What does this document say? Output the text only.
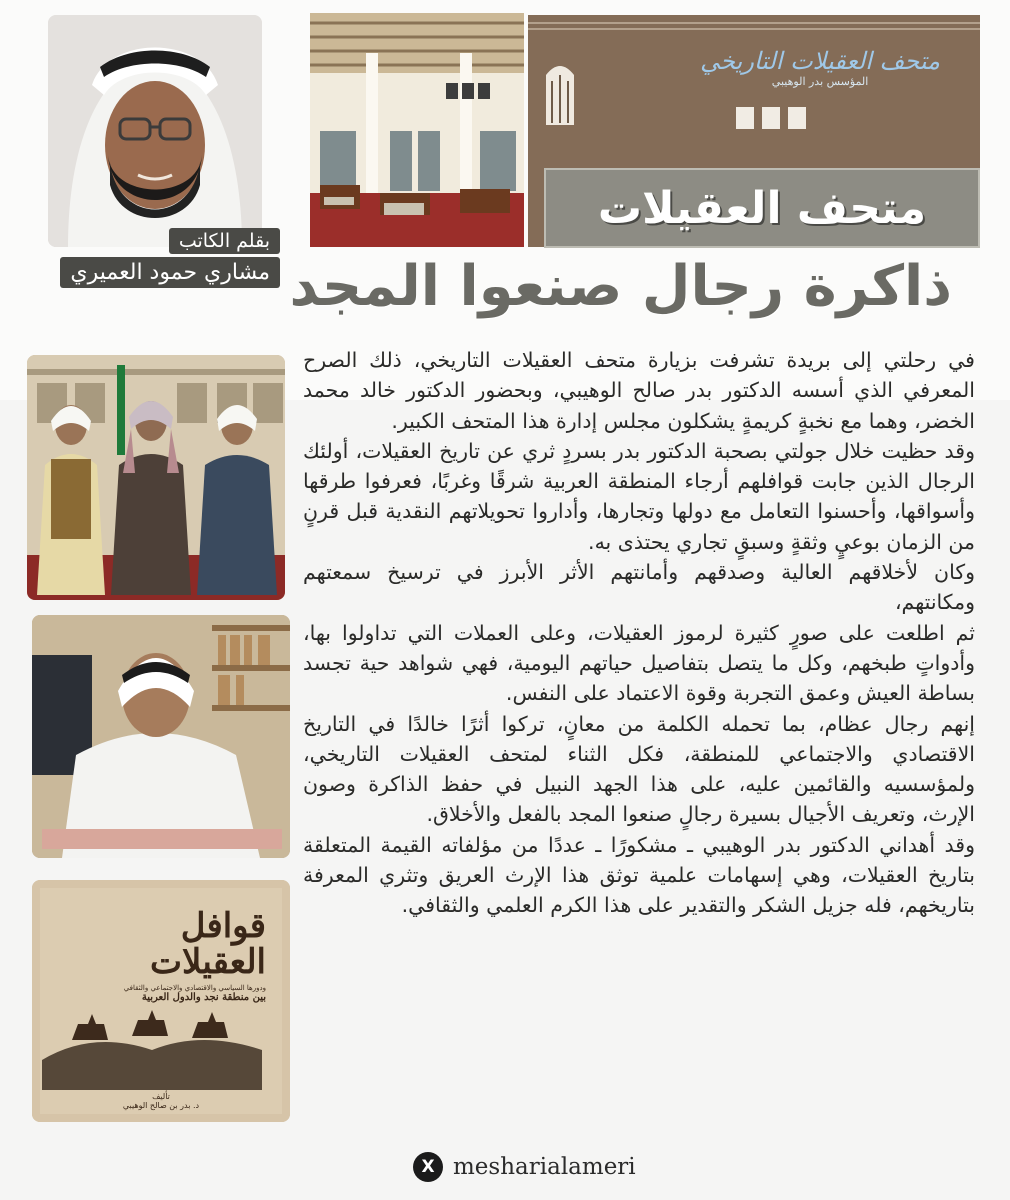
بقلم الكاتب
مشاري حمود العميري
متحف العقيلات التاريخي
المؤسس بدر الوهيبي
متحف العقيلات
ذاكرة رجال صنعوا المجد
قوافل
العقيلات
ودورها السياسي والاقتصادي والاجتماعي والثقافي
بين منطقة نجد والدول العربية
تأليف
د. بدر بن صالح الوهيبي

في رحلتي إلى بريدة تشرفت بزيارة متحف العقيلات التاريخي، ذلك الصرح المعرفي الذي أسسه الدكتور بدر صالح الوهيبي، وبحضور الدكتور خالد محمد الخضر، وهما مع نخبةٍ كريمةٍ يشكلون مجلس إدارة هذا المتحف الكبير.

وقد حظيت خلال جولتي بصحبة الدكتور بدر بسردٍ ثري عن تاريخ العقيلات، أولئك الرجال الذين جابت قوافلهم أرجاء المنطقة العربية شرقًا وغربًا، فعرفوا طرقها وأسواقها، وأحسنوا التعامل مع دولها وتجارها، وأداروا تحويلاتهم النقدية قبل قرنٍ من الزمان بوعيٍ وثقةٍ وسبقٍ تجاري يحتذى به.

وكان لأخلاقهم العالية وصدقهم وأمانتهم الأثر الأبرز في ترسيخ سمعتهم ومكانتهم،

ثم اطلعت على صورٍ كثيرة لرموز العقيلات، وعلى العملات التي تداولوا بها، وأدواتٍ طبخهم، وكل ما يتصل بتفاصيل حياتهم اليومية، فهي شواهد حية تجسد بساطة العيش وعمق التجربة وقوة الاعتماد على النفس.

إنهم رجال عظام، بما تحمله الكلمة من معانٍ، تركوا أثرًا خالدًا في التاريخ الاقتصادي والاجتماعي للمنطقة، فكل الثناء لمتحف العقيلات التاريخي، ولمؤسسيه والقائمين عليه، على هذا الجهد النبيل في حفظ الذاكرة وصون الإرث، وتعريف الأجيال بسيرة رجالٍ صنعوا المجد بالفعل والأخلاق.

وقد أهداني الدكتور بدر الوهيبي ـ مشكورًا ـ عددًا من مؤلفاته القيمة المتعلقة بتاريخ العقيلات، وهي إسهامات علمية توثق هذا الإرث العريق وتثري المعرفة بتاريخهم، فله جزيل الشكر والتقدير على هذا الكرم العلمي والثقافي.

X mesharialameri
